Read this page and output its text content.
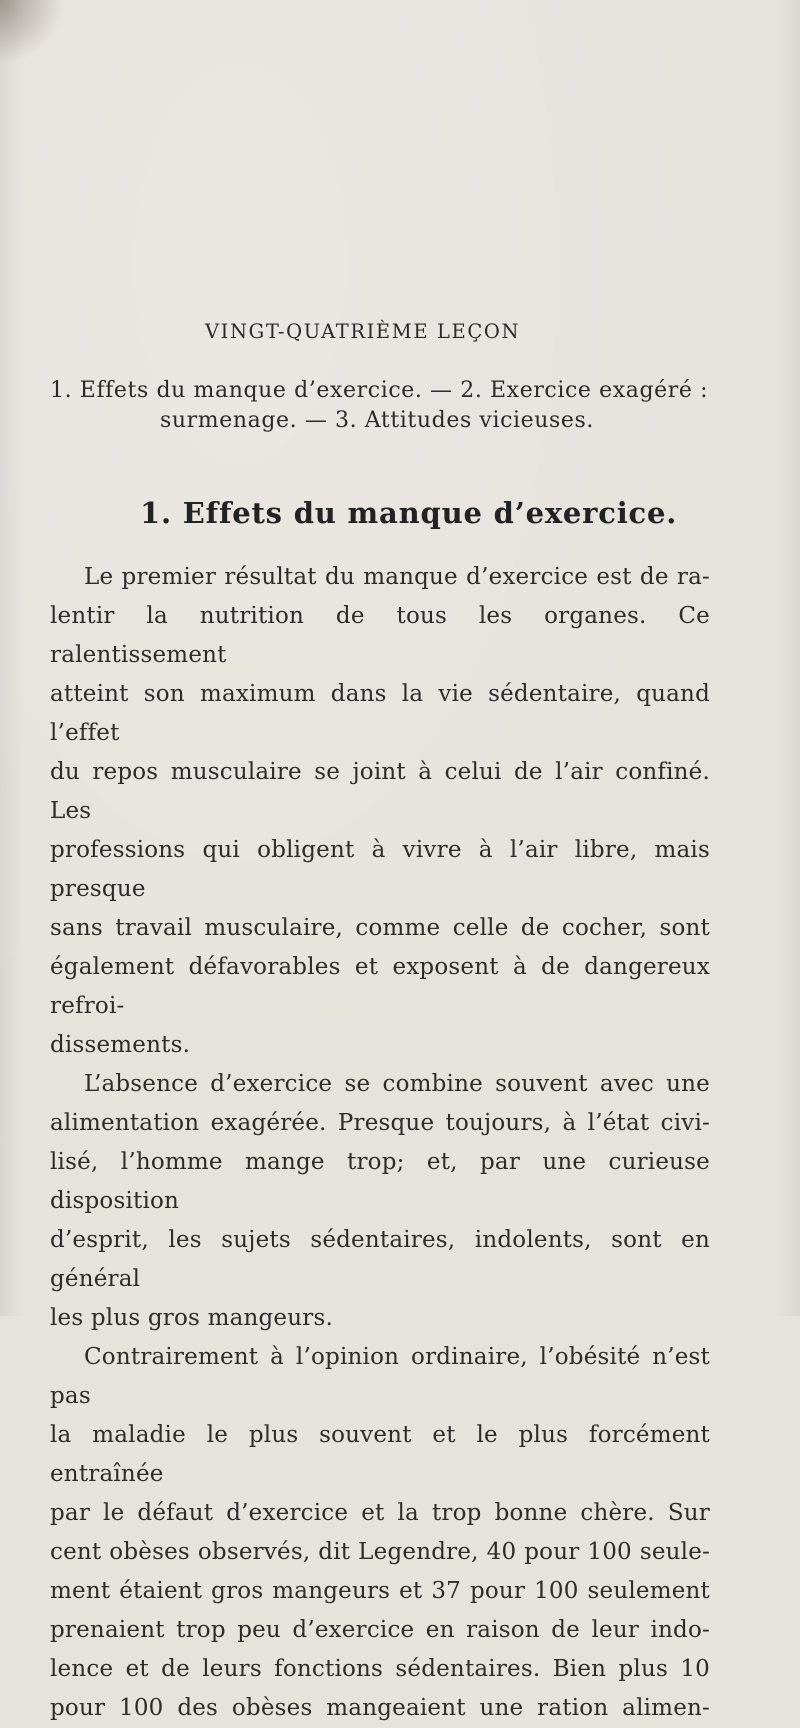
VINGT-QUATRIÈME LEÇON
1. Effets du manque d’exercice. — 2. Exercice exagéré :
surmenage. — 3. Attitudes vicieuses.
1. Effets du manque d’exercice.

Le premier résultat du manque d’exercice est de ra-

lentir la nutrition de tous les organes. Ce ralentissement

atteint son maximum dans la vie sédentaire, quand l’effet

du repos musculaire se joint à celui de l’air confiné. Les

professions qui obligent à vivre à l’air libre, mais presque

sans travail musculaire, comme celle de cocher, sont

également défavorables et exposent à de dangereux refroi-

dissements.

L’absence d’exercice se combine souvent avec une

alimentation exagérée. Presque toujours, à l’état civi-

lisé, l’homme mange trop; et, par une curieuse disposition

d’esprit, les sujets sédentaires, indolents, sont en général

les plus gros mangeurs.

Contrairement à l’opinion ordinaire, l’obésité n’est pas

la maladie le plus souvent et le plus forcément entraînée

par le défaut d’exercice et la trop bonne chère. Sur

cent obèses observés, dit Legendre, 40 pour 100 seule-

ment étaient gros mangeurs et 37 pour 100 seulement

prenaient trop peu d’exercice en raison de leur indo-

lence et de leurs fonctions sédentaires. Bien plus 10

pour 100 des obèses mangeaient une ration alimen-
